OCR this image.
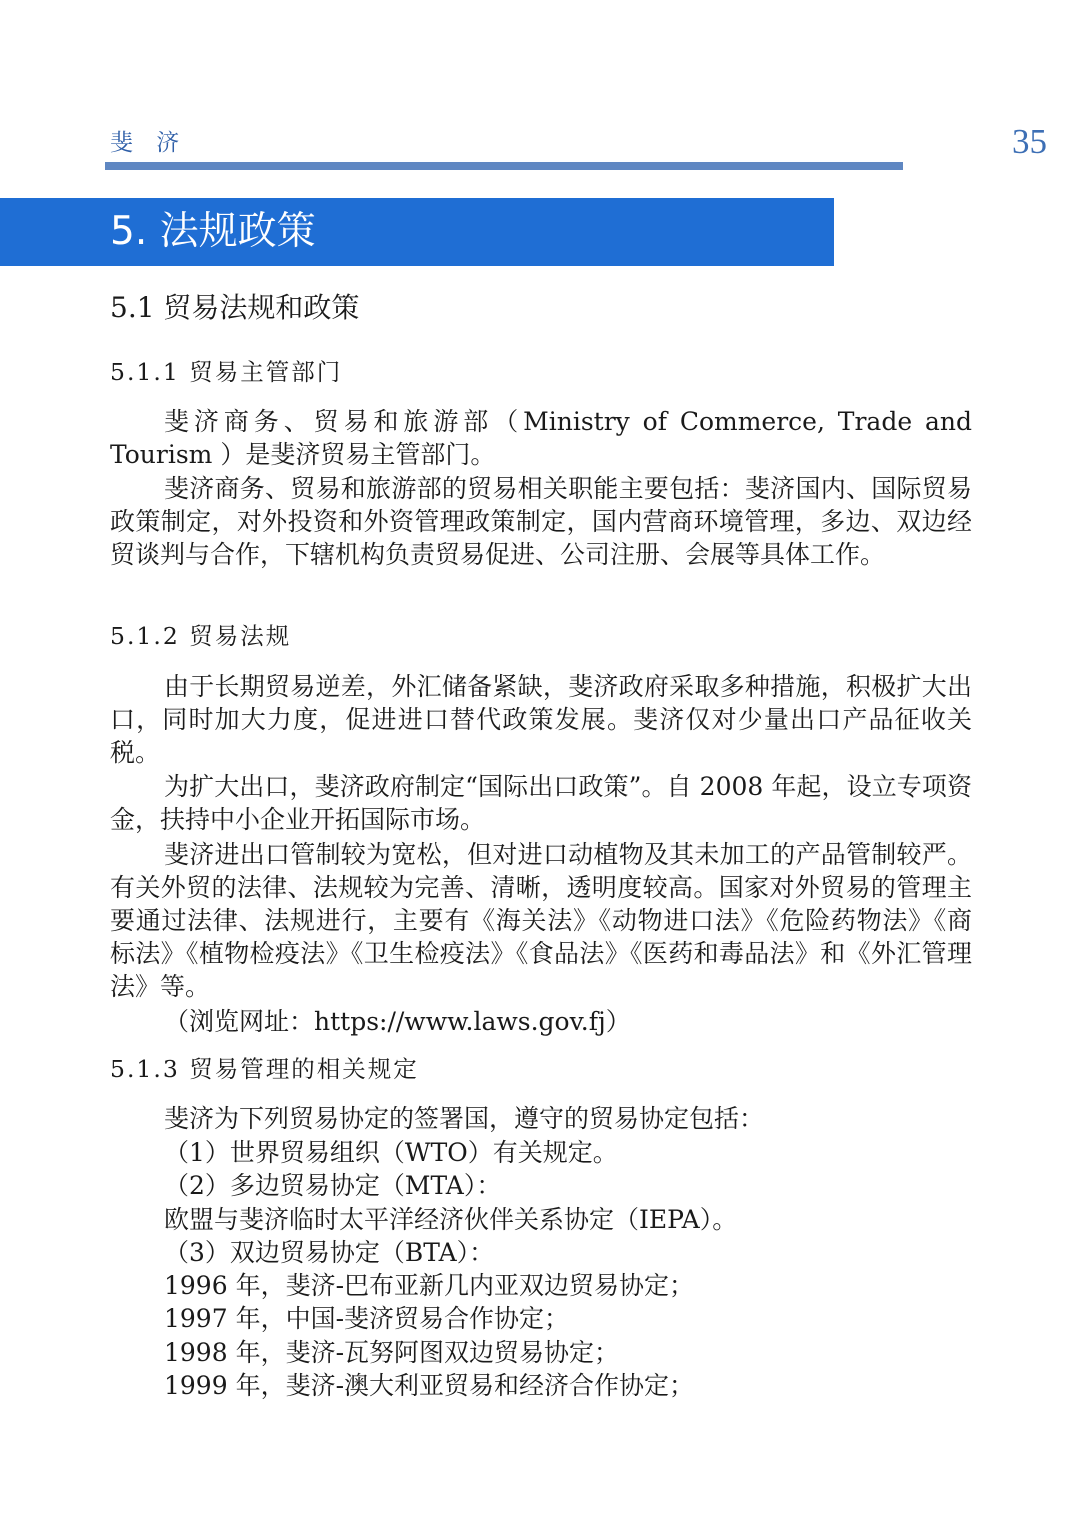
斐 济	35
5. 法规政策
5.1 贸易法规和政策
5.1.1 贸易主管部门

斐济商务、贸易和旅游部（Ministry of Commerce, Trade and Tourism ）是斐济贸易主管部门。

斐济商务、贸易和旅游部的贸易相关职能主要包括：斐济国内、国际贸易政策制定，对外投资和外资管理政策制定，国内营商环境管理，多边、双边经贸谈判与合作，下辖机构负责贸易促进、公司注册、会展等具体工作。

5.1.2 贸易法规

由于长期贸易逆差，外汇储备紧缺，斐济政府采取多种措施，积极扩大出口，同时加大力度，促进进口替代政策发展。斐济仅对少量出口产品征收关税。

为扩大出口，斐济政府制定“国际出口政策”。自 2008 年起，设立专项资金，扶持中小企业开拓国际市场。

斐济进出口管制较为宽松，但对进口动植物及其未加工的产品管制较严。有关外贸的法律、法规较为完善、清晰，透明度较高。国家对外贸易的管理主要通过法律、法规进行，主要有《海关法》《动物进口法》《危险药物法》《商标法》《植物检疫法》《卫生检疫法》《食品法》《医药和毒品法》和《外汇管理法》等。

（浏览网址：https://www.laws.gov.fj）
5.1.3 贸易管理的相关规定
斐济为下列贸易协定的签署国，遵守的贸易协定包括：
（1）世界贸易组织（WTO）有关规定。
（2）多边贸易协定（MTA）：
欧盟与斐济临时太平洋经济伙伴关系协定（IEPA）。
（3）双边贸易协定（BTA）：
1996 年，斐济-巴布亚新几内亚双边贸易协定；
1997 年，中国-斐济贸易合作协定；
1998 年，斐济-瓦努阿图双边贸易协定；
1999 年，斐济-澳大利亚贸易和经济合作协定；
